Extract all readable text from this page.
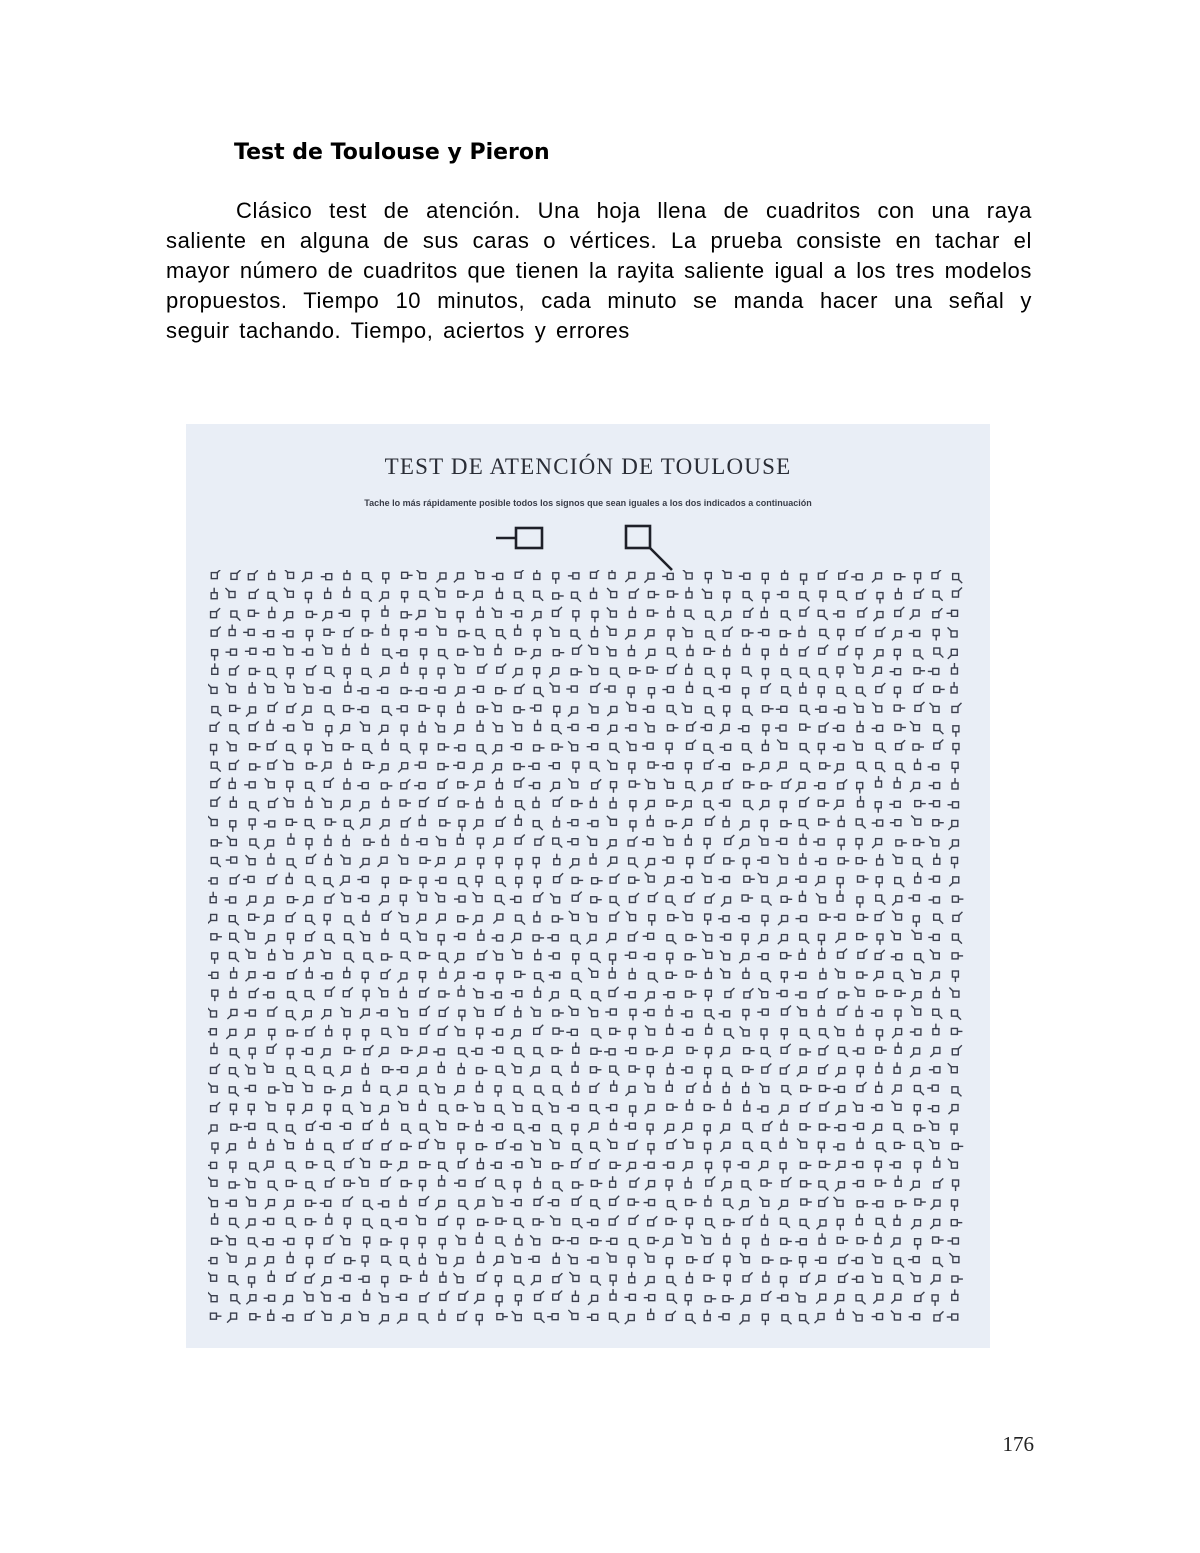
Test de Toulouse y Pieron

Clásico test de atención. Una hoja llena de cuadritos con una raya saliente en alguna de sus caras o vértices. La prueba consiste en tachar el mayor número de cuadritos que tienen la rayita saliente igual a los tres modelos propuestos. Tiempo 10 minutos, cada minuto se manda hacer una señal y seguir tachando. Tiempo, aciertos y errores

TEST DE ATENCIÓN DE TOULOUSE
Tache lo más rápidamente posible todos los signos que sean iguales a los dos indicados a continuación
176
